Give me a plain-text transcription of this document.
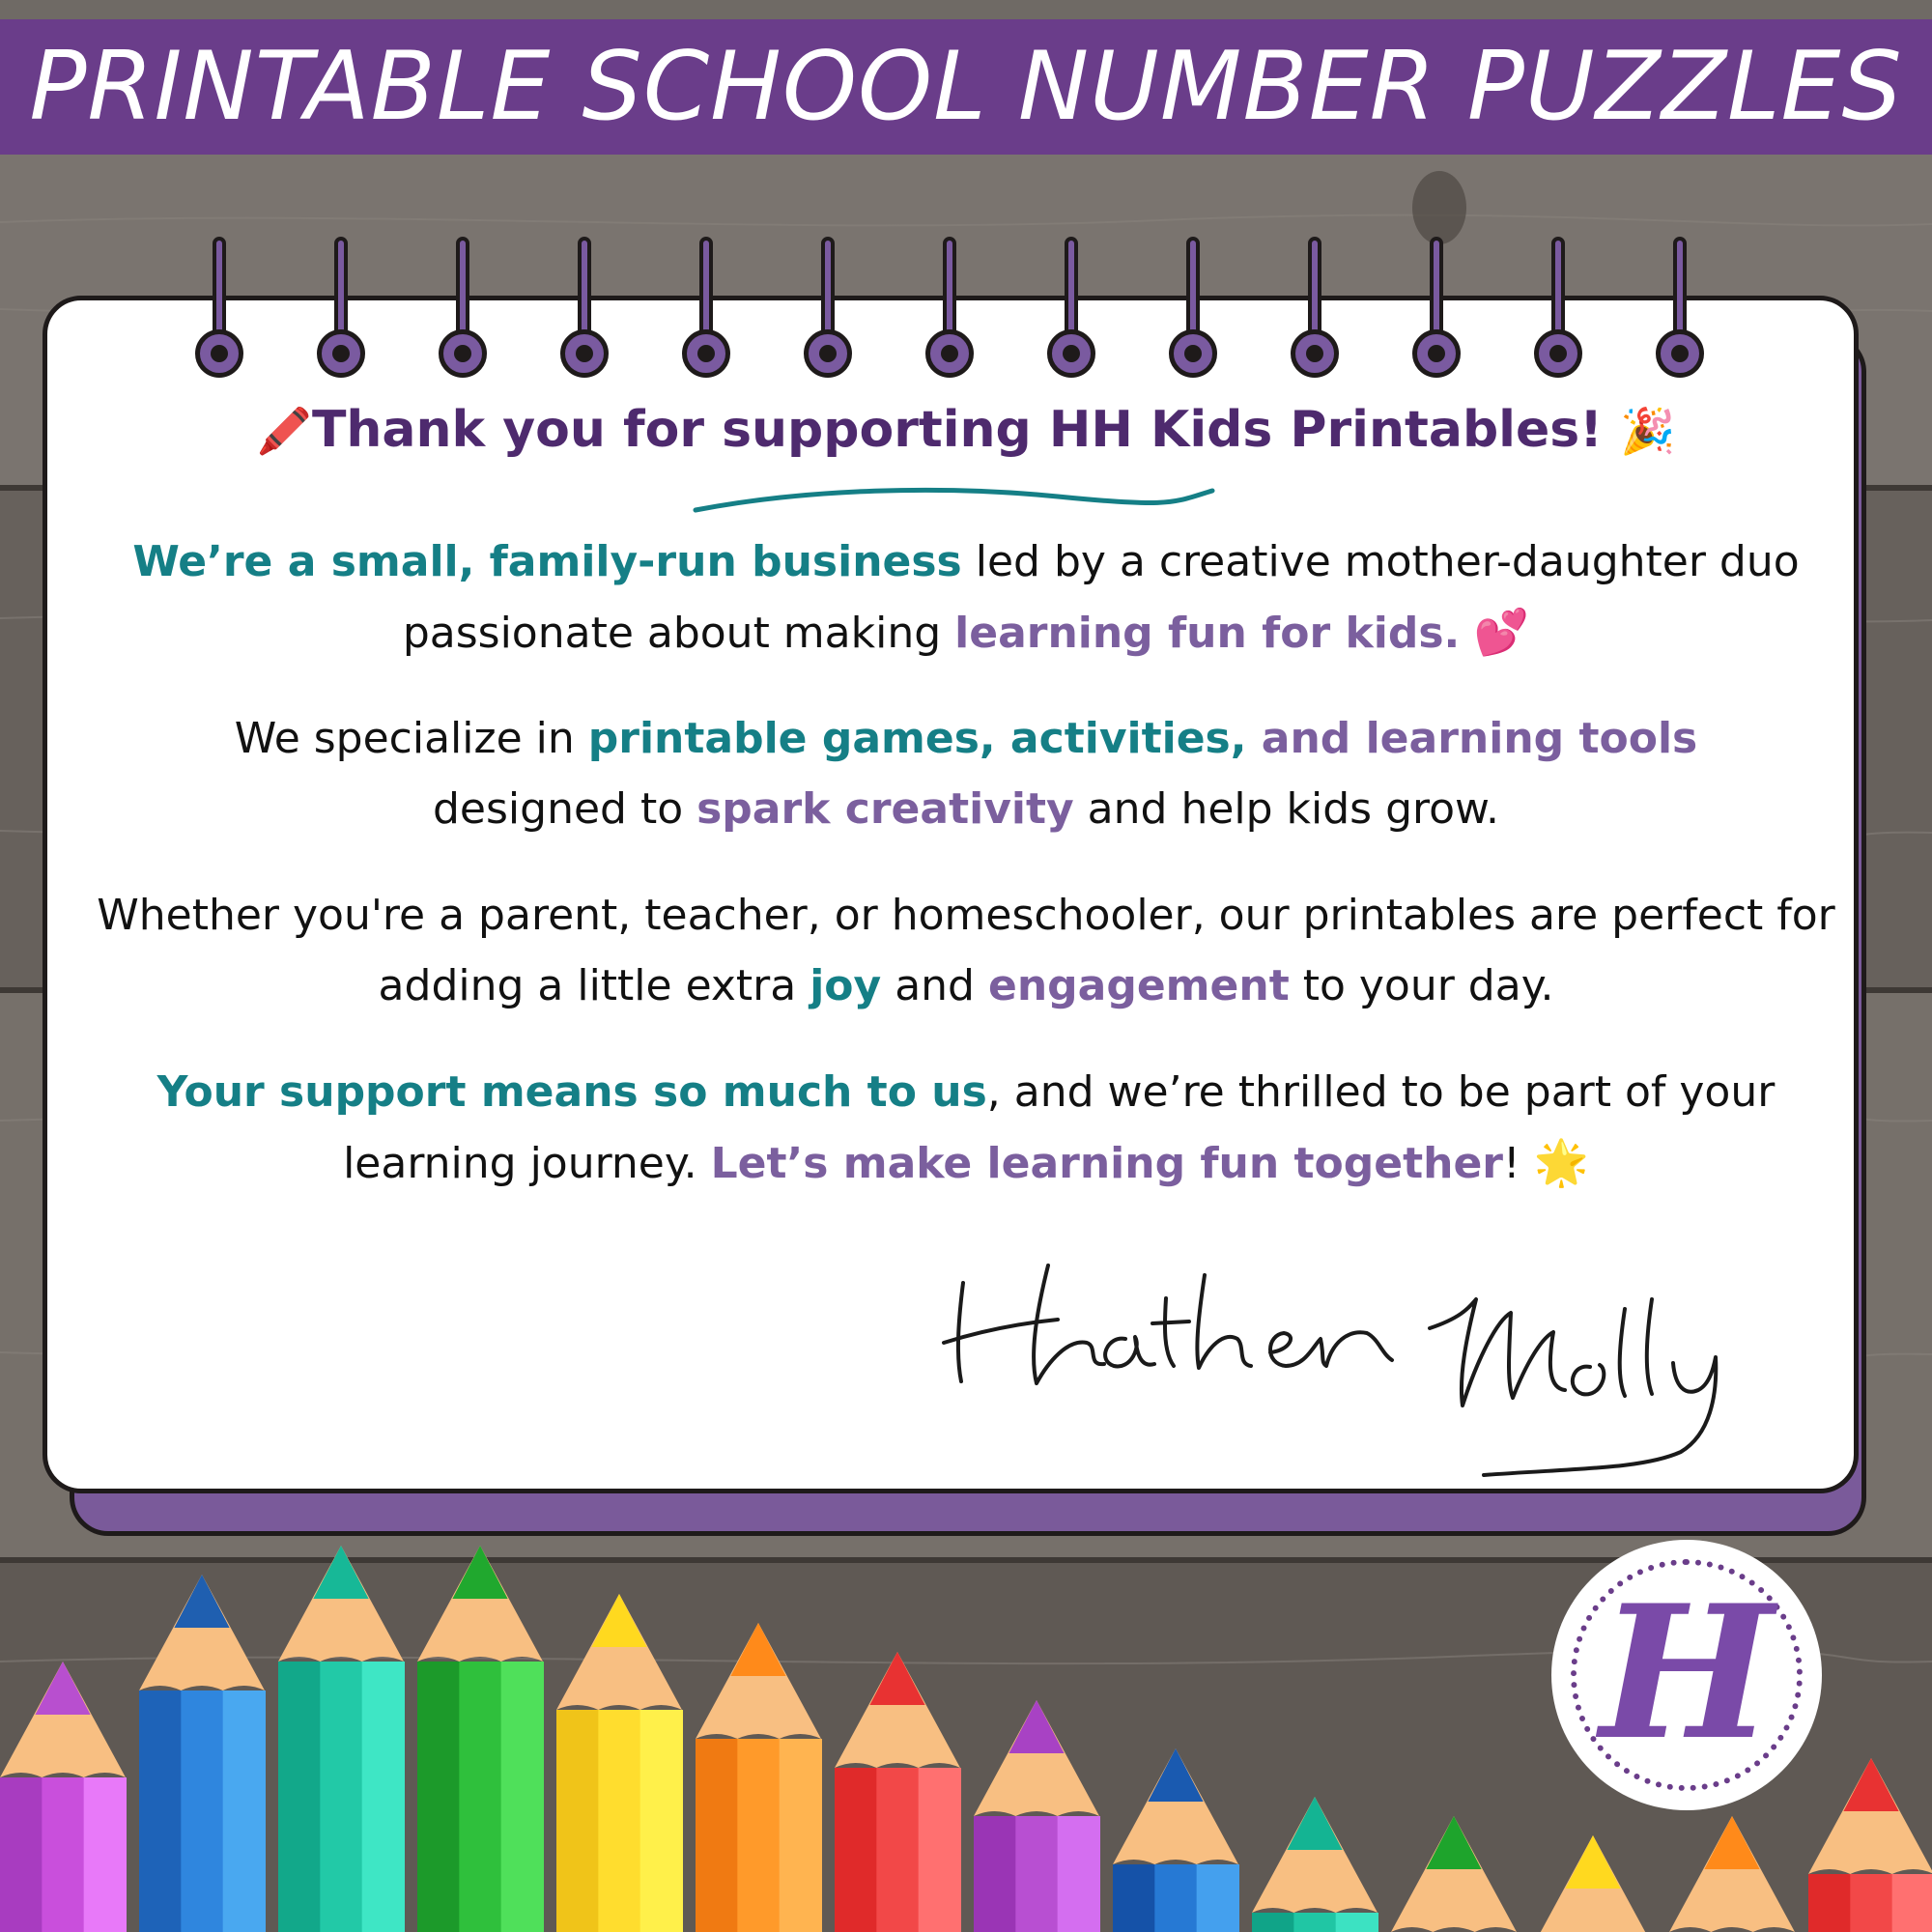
PRINTABLE SCHOOL NUMBER PUZZLES
🖍️Thank you for supporting HH Kids Printables! 🎉
We’re a small, family-run business led by a creative mother-daughter duo passionate about making learning fun for kids. 💕
We specialize in printable games, activities, and learning tools
designed to spark creativity and help kids grow.
Whether you're a parent, teacher, or homeschooler, our printables are perfect for adding a little extra joy and engagement to your day.
Your support means so much to us, and we’re thrilled to be part of your learning journey. Let’s make learning fun together! 🌟
H
